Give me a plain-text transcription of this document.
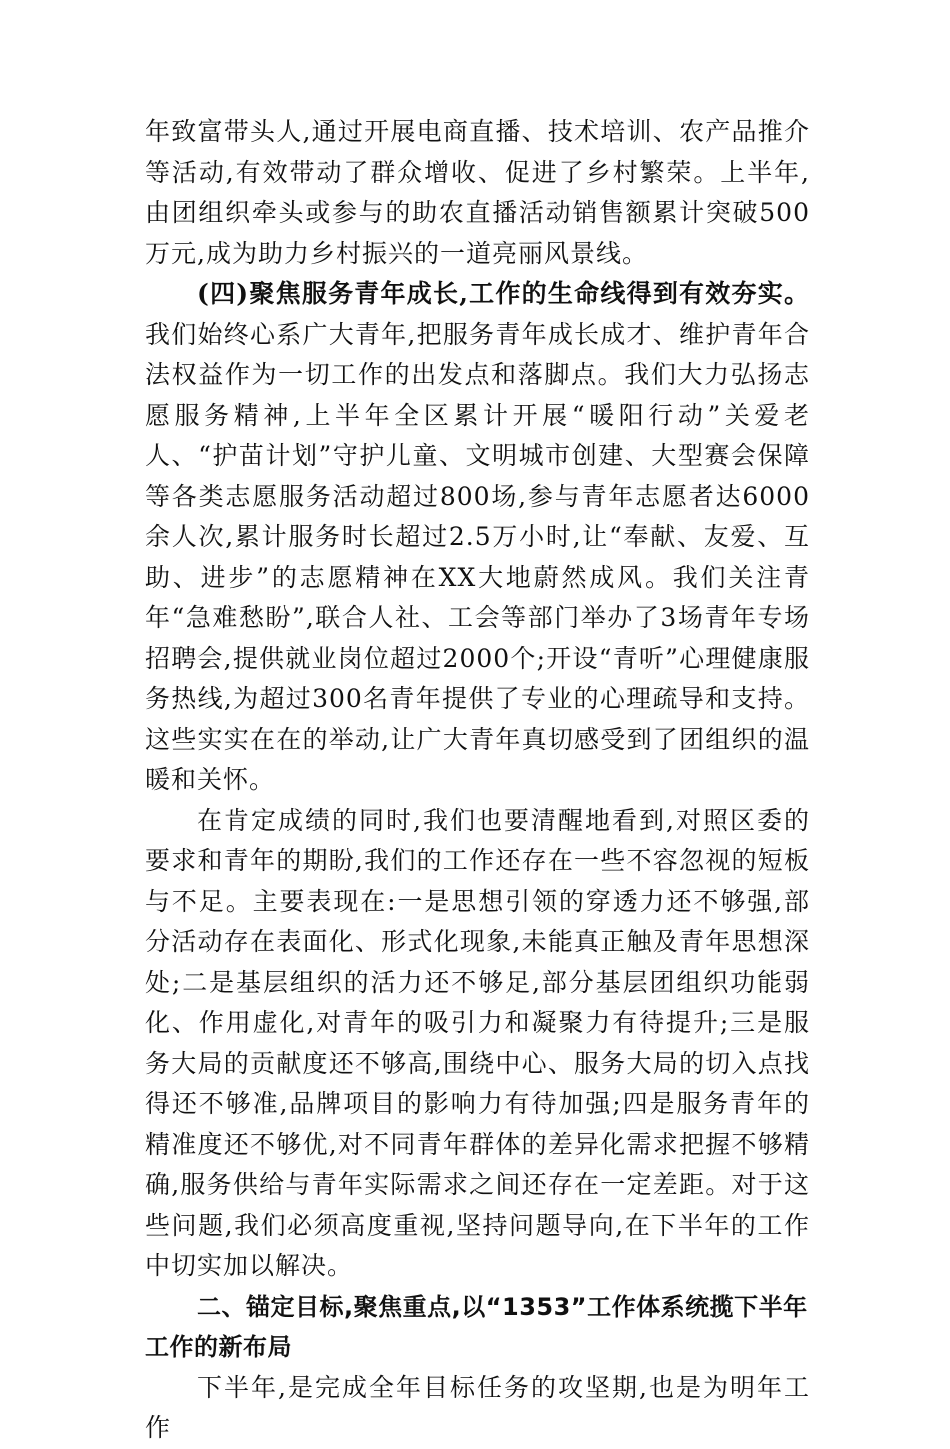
年致富带头人,通过开展电商直播、技术培训、农产品推介等活动,有效带动了群众增收、促进了乡村繁荣。上半年,由团组织牵头或参与的助农直播活动销售额累计突破500万元,成为助力乡村振兴的一道亮丽风景线。

(四)聚焦服务青年成长,工作的生命线得到有效夯实。我们始终心系广大青年,把服务青年成长成才、维护青年合法权益作为一切工作的出发点和落脚点。我们大力弘扬志愿服务精神,上半年全区累计开展“暖阳行动”关爱老人、“护苗计划”守护儿童、文明城市创建、大型赛会保障等各类志愿服务活动超过800场,参与青年志愿者达6000余人次,累计服务时长超过2.5万小时,让“奉献、友爱、互助、进步”的志愿精神在XX大地蔚然成风。我们关注青年“急难愁盼”,联合人社、工会等部门举办了3场青年专场招聘会,提供就业岗位超过2000个;开设“青听”心理健康服务热线,为超过300名青年提供了专业的心理疏导和支持。这些实实在在的举动,让广大青年真切感受到了团组织的温暖和关怀。

在肯定成绩的同时,我们也要清醒地看到,对照区委的要求和青年的期盼,我们的工作还存在一些不容忽视的短板与不足。主要表现在:一是思想引领的穿透力还不够强,部分活动存在表面化、形式化现象,未能真正触及青年思想深处;二是基层组织的活力还不够足,部分基层团组织功能弱化、作用虚化,对青年的吸引力和凝聚力有待提升;三是服务大局的贡献度还不够高,围绕中心、服务大局的切入点找得还不够准,品牌项目的影响力有待加强;四是服务青年的精准度还不够优,对不同青年群体的差异化需求把握不够精确,服务供给与青年实际需求之间还存在一定差距。对于这些问题,我们必须高度重视,坚持问题导向,在下半年的工作中切实加以解决。

二、锚定目标,聚焦重点,以“1353”工作体系统揽下半年工作的新布局

下半年,是完成全年目标任务的攻坚期,也是为明年工作
